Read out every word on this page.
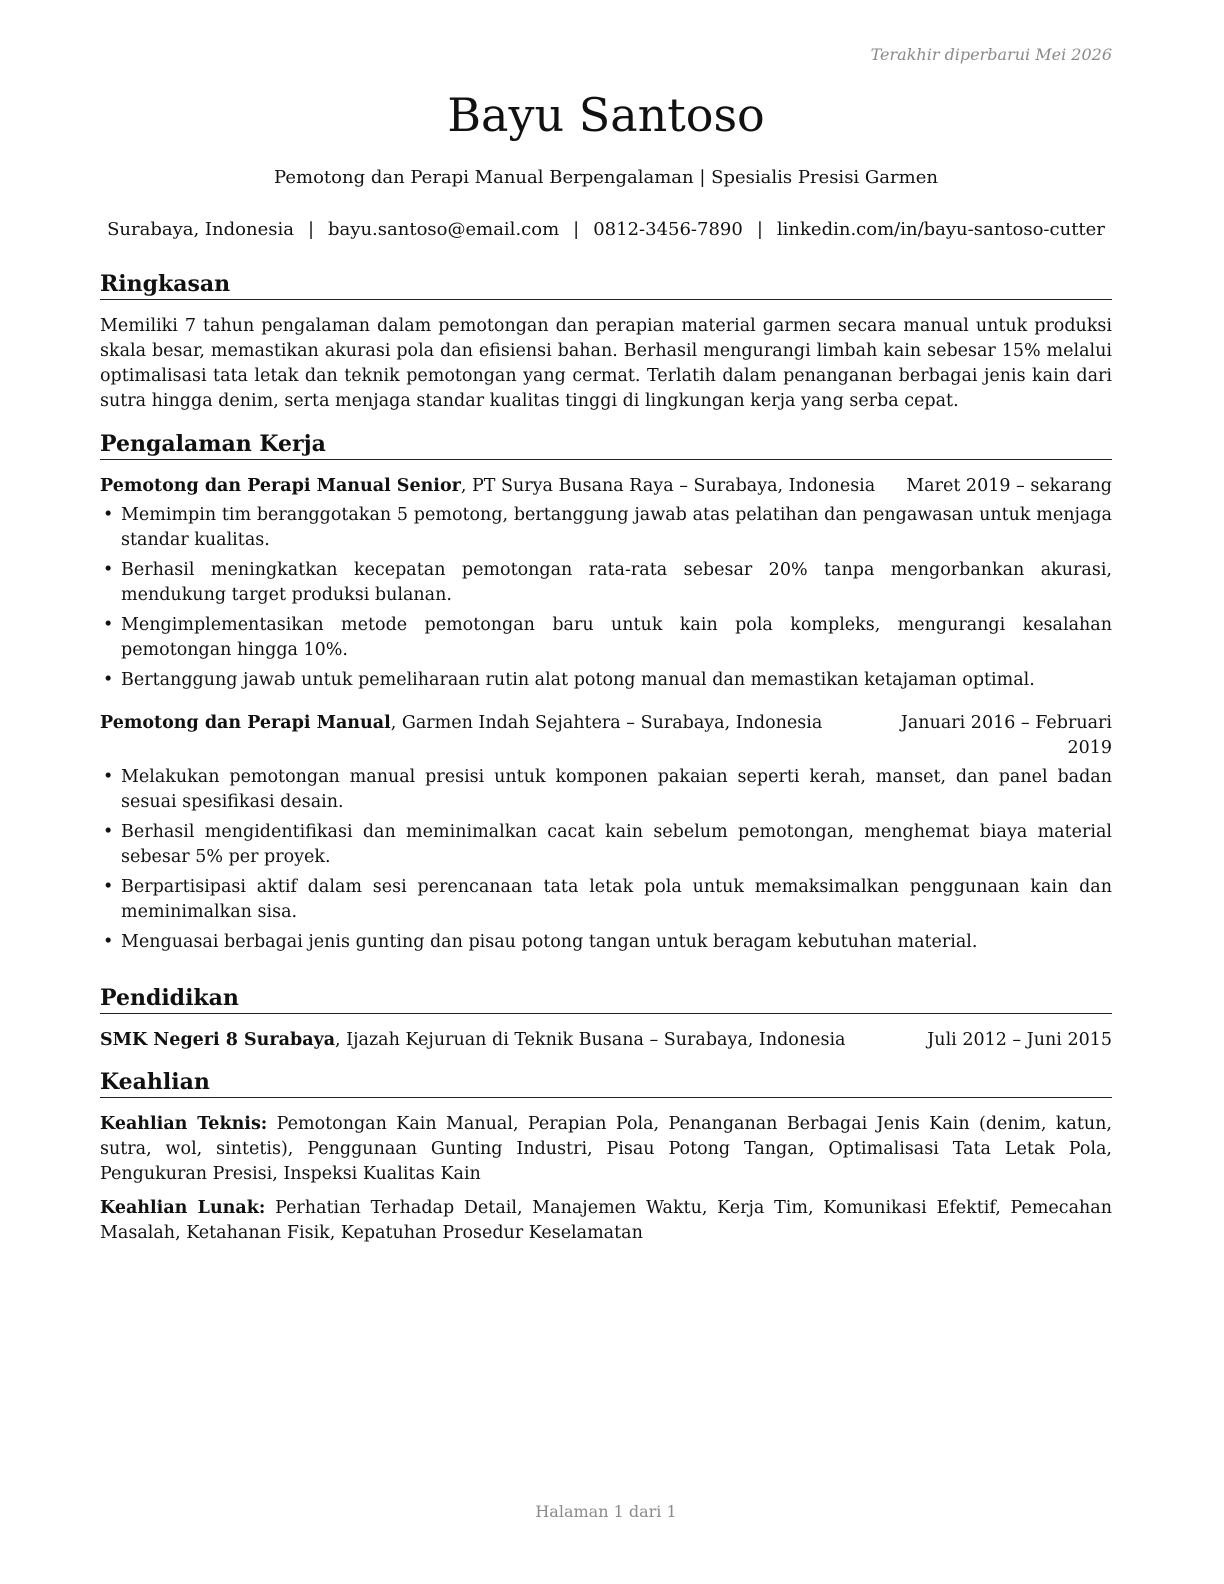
Terakhir diperbarui Mei 2026
Bayu Santoso
Pemotong dan Perapi Manual Berpengalaman | Spesialis Presisi Garmen
Surabaya, Indonesia | bayu.santoso@email.com | 0812-3456-7890 | linkedin.com/in/bayu-santoso-cutter
Ringkasan

Memiliki 7 tahun pengalaman dalam pemotongan dan perapian material garmen secara manual untuk produksi skala besar, memastikan akurasi pola dan efisiensi bahan. Berhasil mengurangi limbah kain sebesar 15% melalui optimalisasi tata letak dan teknik pemotongan yang cermat. Terlatih dalam penanganan berbagai jenis kain dari sutra hingga denim, serta menjaga standar kualitas tinggi di lingkungan kerja yang serba cepat.

Pengalaman Kerja
Pemotong dan Perapi Manual Senior, PT Surya Busana Raya – Surabaya, Indonesia Maret 2019 – sekarang
• Memimpin tim beranggotakan 5 pemotong, bertanggung jawab atas pelatihan dan pengawasan untuk menjaga standar kualitas.
• Berhasil meningkatkan kecepatan pemotongan rata-rata sebesar 20% tanpa mengorbankan akurasi, mendukung target produksi bulanan.
• Mengimplementasikan metode pemotongan baru untuk kain pola kompleks, mengurangi kesalahan pemotongan hingga 10%.
• Bertanggung jawab untuk pemeliharaan rutin alat potong manual dan memastikan ketajaman optimal.
Pemotong dan Perapi Manual, Garmen Indah Sejahtera – Surabaya, Indonesia	Januari 2016 – Februari 2019
• Melakukan pemotongan manual presisi untuk komponen pakaian seperti kerah, manset, dan panel badan sesuai spesifikasi desain.
• Berhasil mengidentifikasi dan meminimalkan cacat kain sebelum pemotongan, menghemat biaya material sebesar 5% per proyek.
• Berpartisipasi aktif dalam sesi perencanaan tata letak pola untuk memaksimalkan penggunaan kain dan meminimalkan sisa.
• Menguasai berbagai jenis gunting dan pisau potong tangan untuk beragam kebutuhan material.
Pendidikan
SMK Negeri 8 Surabaya, Ijazah Kejuruan di Teknik Busana – Surabaya, Indonesia	Juli 2012 – Juni 2015
Keahlian

Keahlian Teknis: Pemotongan Kain Manual, Perapian Pola, Penanganan Berbagai Jenis Kain (denim, katun, sutra, wol, sintetis), Penggunaan Gunting Industri, Pisau Potong Tangan, Optimalisasi Tata Letak Pola, Pengukuran Presisi, Inspeksi Kualitas Kain

Keahlian Lunak: Perhatian Terhadap Detail, Manajemen Waktu, Kerja Tim, Komunikasi Efektif, Pemecahan Masalah, Ketahanan Fisik, Kepatuhan Prosedur Keselamatan

Halaman 1 dari 1
